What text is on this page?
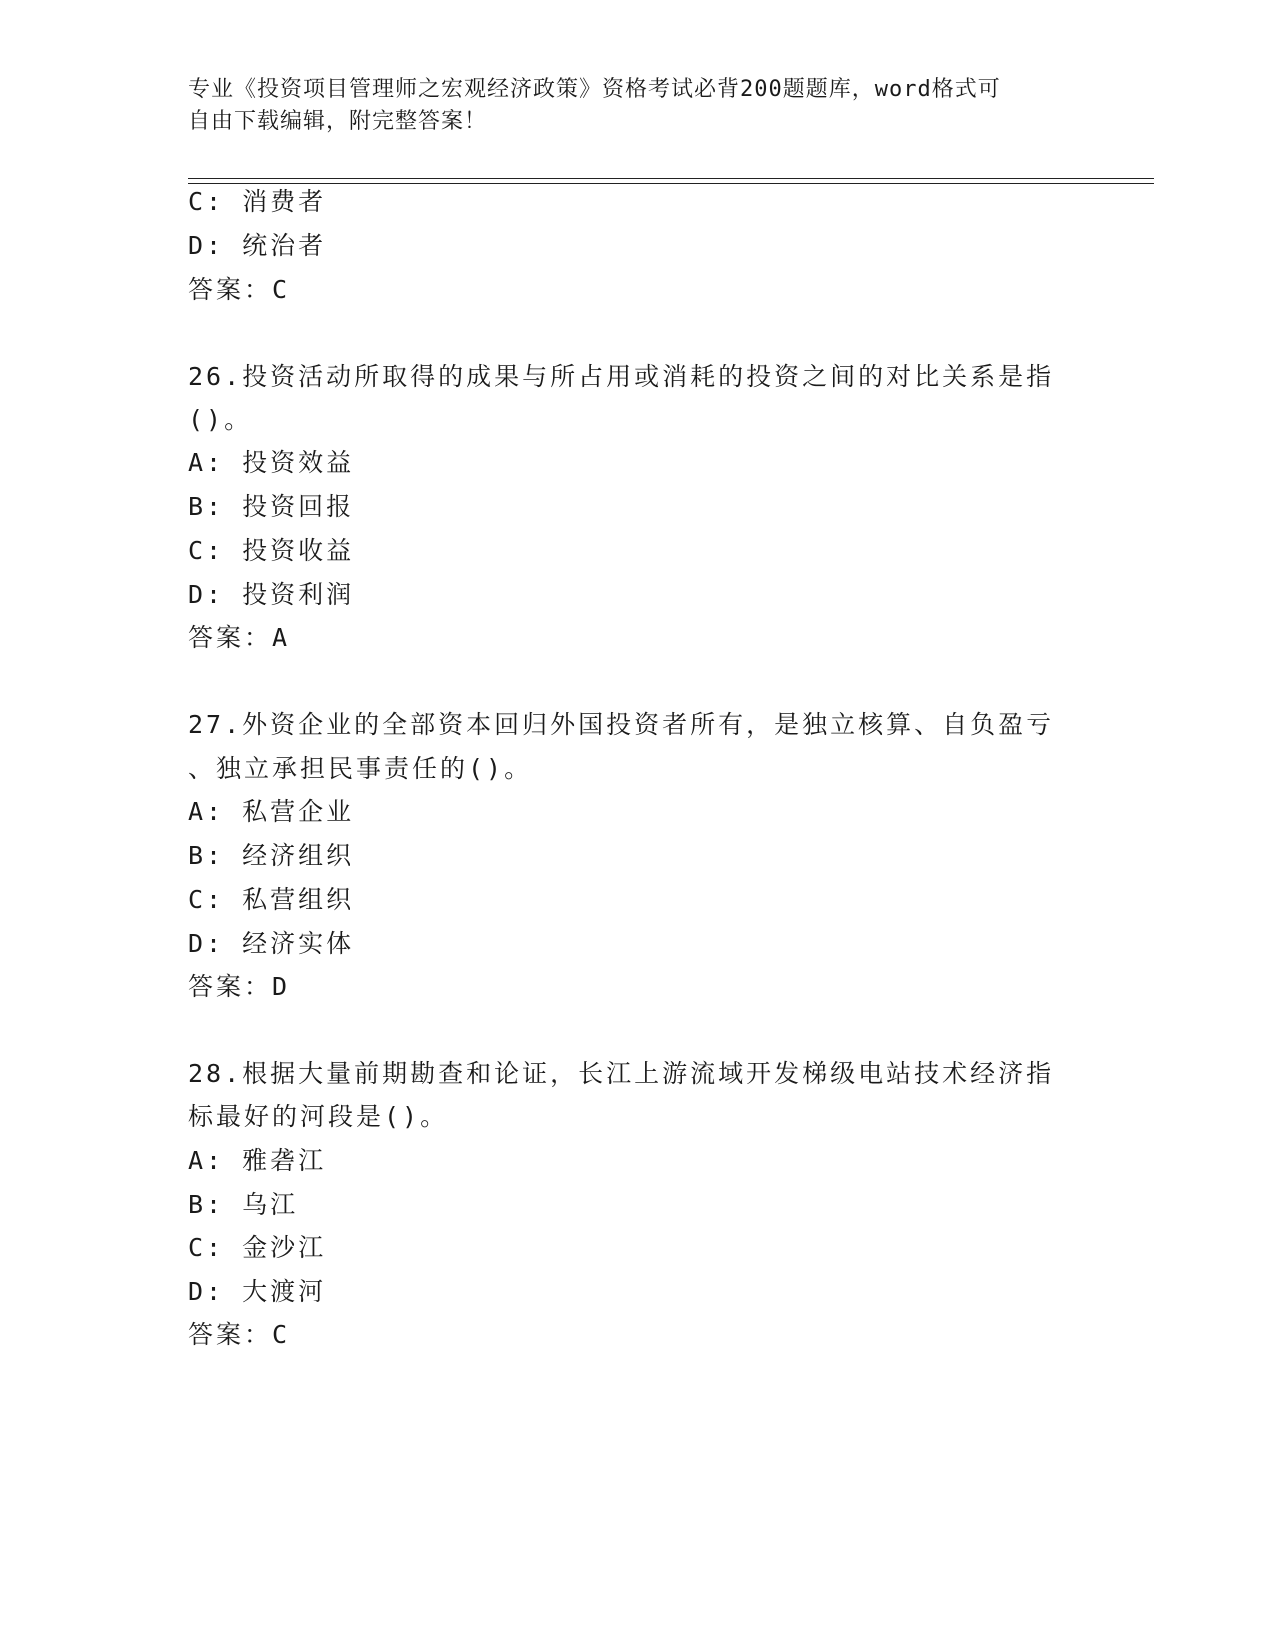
专业《投资项目管理师之宏观经济政策》资格考试必背200题题库，word格式可
自由下载编辑，附完整答案！
C: 消费者
D: 统治者
答案：C
26.投资活动所取得的成果与所占用或消耗的投资之间的对比关系是指
()。
A: 投资效益
B: 投资回报
C: 投资收益
D: 投资利润
答案：A
27.外资企业的全部资本回归外国投资者所有，是独立核算、自负盈亏
、独立承担民事责任的()。
A: 私营企业
B: 经济组织
C: 私营组织
D: 经济实体
答案：D
28.根据大量前期勘查和论证，长江上游流域开发梯级电站技术经济指
标最好的河段是()。
A: 雅砻江
B: 乌江
C: 金沙江
D: 大渡河
答案：C
